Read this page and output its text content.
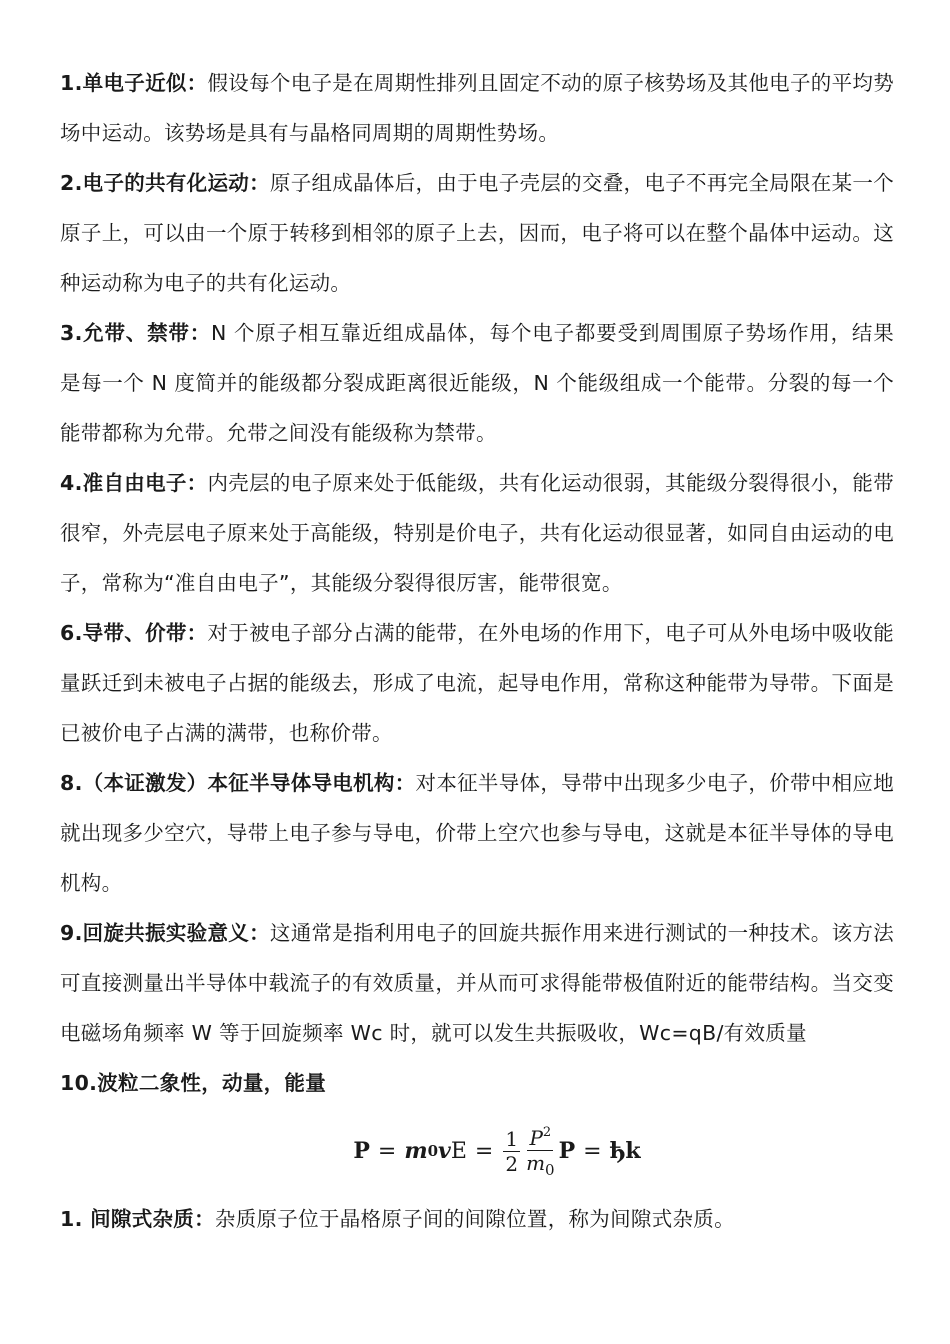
1.单电子近似：假设每个电子是在周期性排列且固定不动的原子核势场及其他电子的平均势场中运动。该势场是具有与晶格同周期的周期性势场。

2.电子的共有化运动：原子组成晶体后，由于电子壳层的交叠，电子不再完全局限在某一个原子上，可以由一个原于转移到相邻的原子上去，因而，电子将可以在整个晶体中运动。这种运动称为电子的共有化运动。

3.允带、禁带：N 个原子相互靠近组成晶体，每个电子都要受到周围原子势场作用，结果是每一个 N 度简并的能级都分裂成距离很近能级，N 个能级组成一个能带。分裂的每一个能带都称为允带。允带之间没有能级称为禁带。

4.准自由电子：内壳层的电子原来处于低能级，共有化运动很弱，其能级分裂得很小，能带很窄，外壳层电子原来处于高能级，特别是价电子，共有化运动很显著，如同自由运动的电子，常称为“准自由电子”，其能级分裂得很厉害，能带很宽。

6.导带、价带：对于被电子部分占满的能带，在外电场的作用下，电子可从外电场中吸收能量跃迁到未被电子占据的能级去，形成了电流，起导电作用，常称这种能带为导带。下面是已被价电子占满的满带，也称价带。

8.（本证激发）本征半导体导电机构：对本征半导体，导带中出现多少电子，价带中相应地就出现多少空穴，导带上电子参与导电，价带上空穴也参与导电，这就是本征半导体的导电机构。

9.回旋共振实验意义：这通常是指利用电子的回旋共振作用来进行测试的一种技术。该方法可直接测量出半导体中载流子的有效质量，并从而可求得能带极值附近的能带结构。当交变电磁场角频率 W 等于回旋频率 Wc 时，就可以发生共振吸收，Wc=qB/有效质量

10.波粒二象性，动量，能量

P = m 0 v $E = \frac{1}{2} \frac{P^2}{m_0}$ P = ђ k

1. 间隙式杂质：杂质原子位于晶格原子间的间隙位置，称为间隙式杂质。
